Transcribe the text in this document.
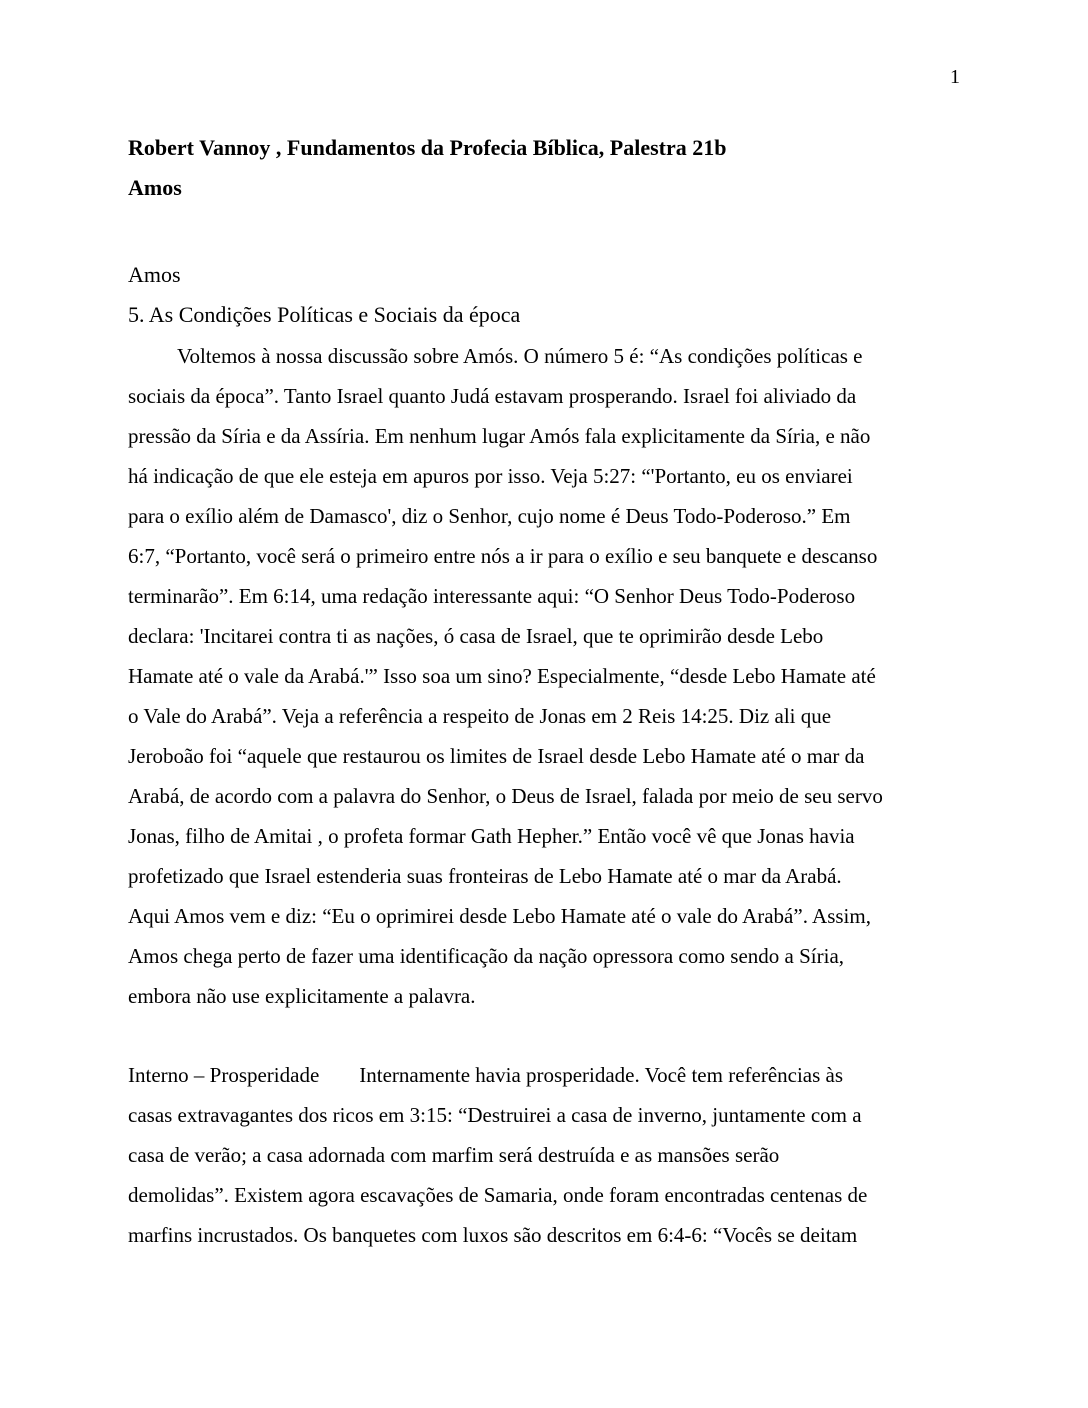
1
Robert Vannoy , Fundamentos da Profecia Bíblica, Palestra 21b
Amos
Amos
5. As Condições Políticas e Sociais da época
Voltemos à nossa discussão sobre Amós. O número 5 é: “As condições políticas e
sociais da época”. Tanto Israel quanto Judá estavam prosperando. Israel foi aliviado da
pressão da Síria e da Assíria. Em nenhum lugar Amós fala explicitamente da Síria, e não
há indicação de que ele esteja em apuros por isso. Veja 5:27: “'Portanto, eu os enviarei
para o exílio além de Damasco', diz o Senhor, cujo nome é Deus Todo-Poderoso.” Em
6:7, “Portanto, você será o primeiro entre nós a ir para o exílio e seu banquete e descanso
terminarão”. Em 6:14, uma redação interessante aqui: “O Senhor Deus Todo-Poderoso
declara: 'Incitarei contra ti as nações, ó casa de Israel, que te oprimirão desde Lebo
Hamate até o vale da Arabá.'” Isso soa um sino? Especialmente, “desde Lebo Hamate até
o Vale do Arabá”. Veja a referência a respeito de Jonas em 2 Reis 14:25. Diz ali que
Jeroboão foi “aquele que restaurou os limites de Israel desde Lebo Hamate até o mar da
Arabá, de acordo com a palavra do Senhor, o Deus de Israel, falada por meio de seu servo
Jonas, filho de Amitai , o profeta formar Gath Hepher.” Então você vê que Jonas havia
profetizado que Israel estenderia suas fronteiras de Lebo Hamate até o mar da Arabá.
Aqui Amos vem e diz: “Eu o oprimirei desde Lebo Hamate até o vale do Arabá”. Assim,
Amos chega perto de fazer uma identificação da nação opressora como sendo a Síria,
embora não use explicitamente a palavra.
Interno – Prosperidade Internamente havia prosperidade. Você tem referências às
casas extravagantes dos ricos em 3:15: “Destruirei a casa de inverno, juntamente com a
casa de verão; a casa adornada com marfim será destruída e as mansões serão
demolidas”. Existem agora escavações de Samaria, onde foram encontradas centenas de
marfins incrustados. Os banquetes com luxos são descritos em 6:4-6: “Vocês se deitam
